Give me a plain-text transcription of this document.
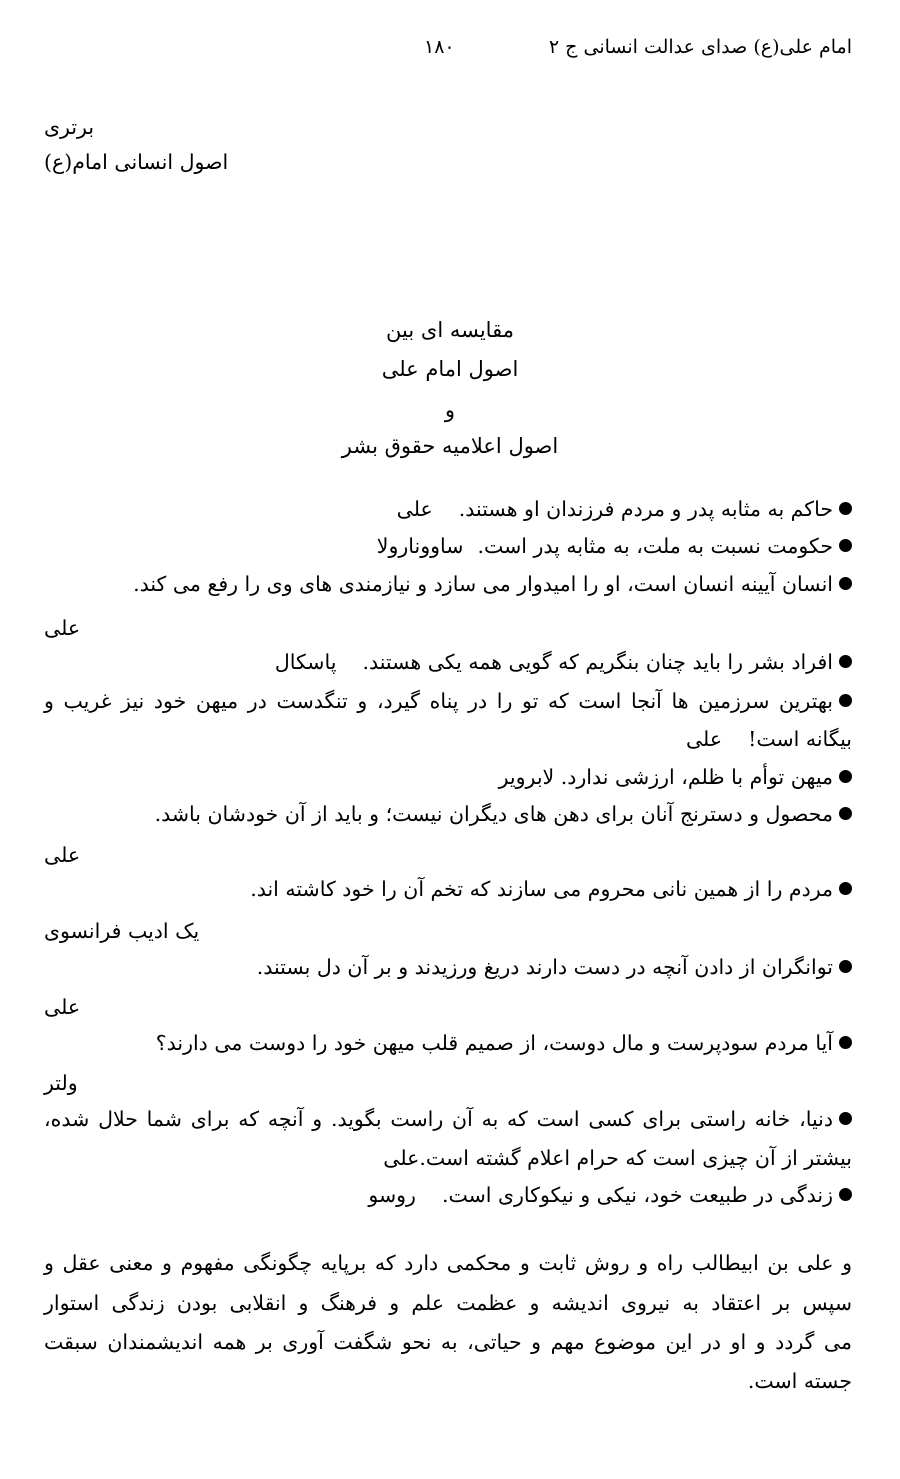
امام علی(ع) صدای عدالت انسانی ج ۲
۱۸۰
برتری
اصول انسانی امام(ع)
مقایسه ای بین
اصول امام علی
و
اصول اعلامیه حقوق بشر
حاکم به مثابه پدر و مردم فرزندان او هستند.علی
حکومت نسبت به ملت، به مثابه پدر است.ساوونارولا
انسان آیینه انسان است، او را امیدوار می سازد و نیازمندی های وی را رفع می کند.
علی
افراد بشر را باید چنان بنگریم که گویی همه یکی هستند.پاسکال
بهترین سرزمین ها آنجا است که تو را در پناه گیرد، و تنگدست در میهن خود نیز غریب و
بیگانه است!علی
میهن توأم با ظلم، ارزشی ندارد. لابروير
محصول و دسترنج آنان برای دهن های دیگران نیست؛ و باید از آن خودشان باشد.
علی
مردم را از همین نانی محروم می سازند که تخم آن را خود کاشته اند.
یک ادیب فرانسوی
توانگران از دادن آنچه در دست دارند دریغ ورزیدند و بر آن دل بستند.
علی
آیا مردم سودپرست و مال دوست، از صمیم قلب میهن خود را دوست می دارند؟
ولتر
دنیا، خانه راستی برای کسی است که به آن راست بگوید. و آنچه که برای شما حلال شده،
بیشتر از آن چیزی است که حرام اعلام گشته است.علی
زندگی در طبیعت خود، نیکی و نیکوکاری است.روسو
و علی بن ابیطالب راه و روش ثابت و محکمی دارد که برپایه چگونگی مفهوم و معنی عقل و
سپس بر اعتقاد به نیروی اندیشه و عظمت علم و فرهنگ و انقلابی بودن زندگی استوار
می گردد و او در این موضوع مهم و حیاتی، به نحو شگفت آوری بر همه اندیشمندان سبقت
جسته است.
